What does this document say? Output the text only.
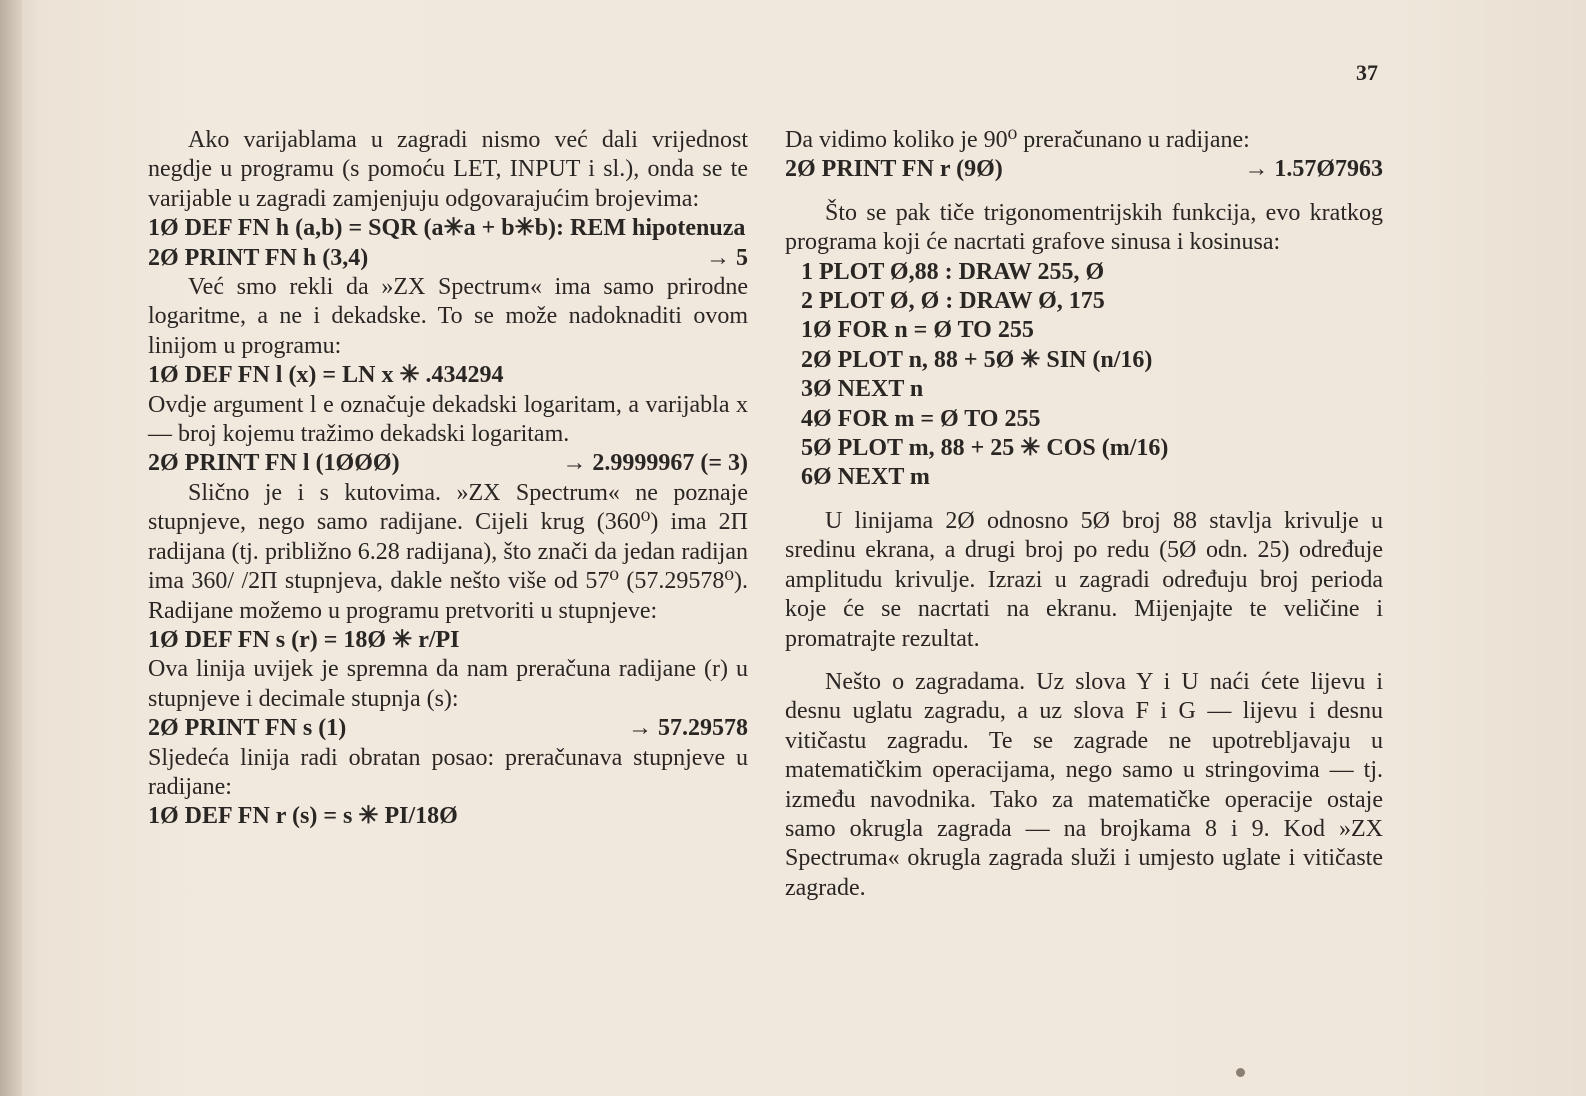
37

Ako varijablama u zagradi nismo već dali vrijednost negdje u programu (s pomoću LET, INPUT i sl.), onda se te varijable u zagradi zamjenjuju odgovarajućim brojevima:

1Ø DEF FN h (a,b) = SQR (a✳a + b✳b): REM hipotenuza

2Ø PRINT FN h (3,4)	→ 5

Već smo rekli da »ZX Spectrum« ima samo prirodne logaritme, a ne i dekadske. To se može nadoknaditi ovom linijom u programu:

1Ø DEF FN l (x) = LN x ✳ .434294

Ovdje argument l e označuje dekadski logaritam, a varijabla x — broj kojemu tražimo dekadski logaritam.

2Ø PRINT FN l (1ØØØ)	→ 2.9999967 (= 3)

Slično je i s kutovima. »ZX Spectrum« ne poznaje stupnjeve, nego samo radijane. Cijeli krug (360⁰) ima 2Π radijana (tj. približno 6.28 radijana), što znači da jedan radijan ima 360/ /2Π stupnjeva, dakle nešto više od 57⁰ (57.29578⁰). Radijane možemo u programu pretvoriti u stupnjeve:

1Ø DEF FN s (r) = 18Ø ✳ r/PI

Ova linija uvijek je spremna da nam preračuna radijane (r) u stupnjeve i decimale stupnja (s):

2Ø PRINT FN s (1)	→ 57.29578

Sljedeća linija radi obratan posao: preračunava stupnjeve u radijane:

1Ø DEF FN r (s) = s ✳ PI/18Ø

Da vidimo koliko je 90⁰ preračunano u radijane:

2Ø PRINT FN r (9Ø)	→ 1.57Ø7963

Što se pak tiče trigonomentrijskih funkcija, evo kratkog programa koji će nacrtati grafove sinusa i kosinusa:

1 PLOT Ø,88 : DRAW 255, Ø

2 PLOT Ø, Ø : DRAW Ø, 175

1Ø FOR n = Ø TO 255

2Ø PLOT n, 88 + 5Ø ✳ SIN (n/16)

3Ø NEXT n

4Ø FOR m = Ø TO 255

5Ø PLOT m, 88 + 25 ✳ COS (m/16)

6Ø NEXT m

U linijama 2Ø odnosno 5Ø broj 88 stavlja krivulje u sredinu ekrana, a drugi broj po redu (5Ø odn. 25) određuje amplitudu krivulje. Izrazi u zagradi određuju broj perioda koje će se nacrtati na ekranu. Mijenjajte te veličine i promatrajte rezultat.

Nešto o zagradama. Uz slova Y i U naći ćete lijevu i desnu uglatu zagradu, a uz slova F i G — lijevu i desnu vitičastu zagradu. Te se zagrade ne upotrebljavaju u matematičkim operacijama, nego samo u stringovima — tj. između navodnika. Tako za matematičke operacije ostaje samo okrugla zagrada — na brojkama 8 i 9. Kod »ZX Spectruma« okrugla zagrada služi i umjesto uglate i vitičaste zagrade.
